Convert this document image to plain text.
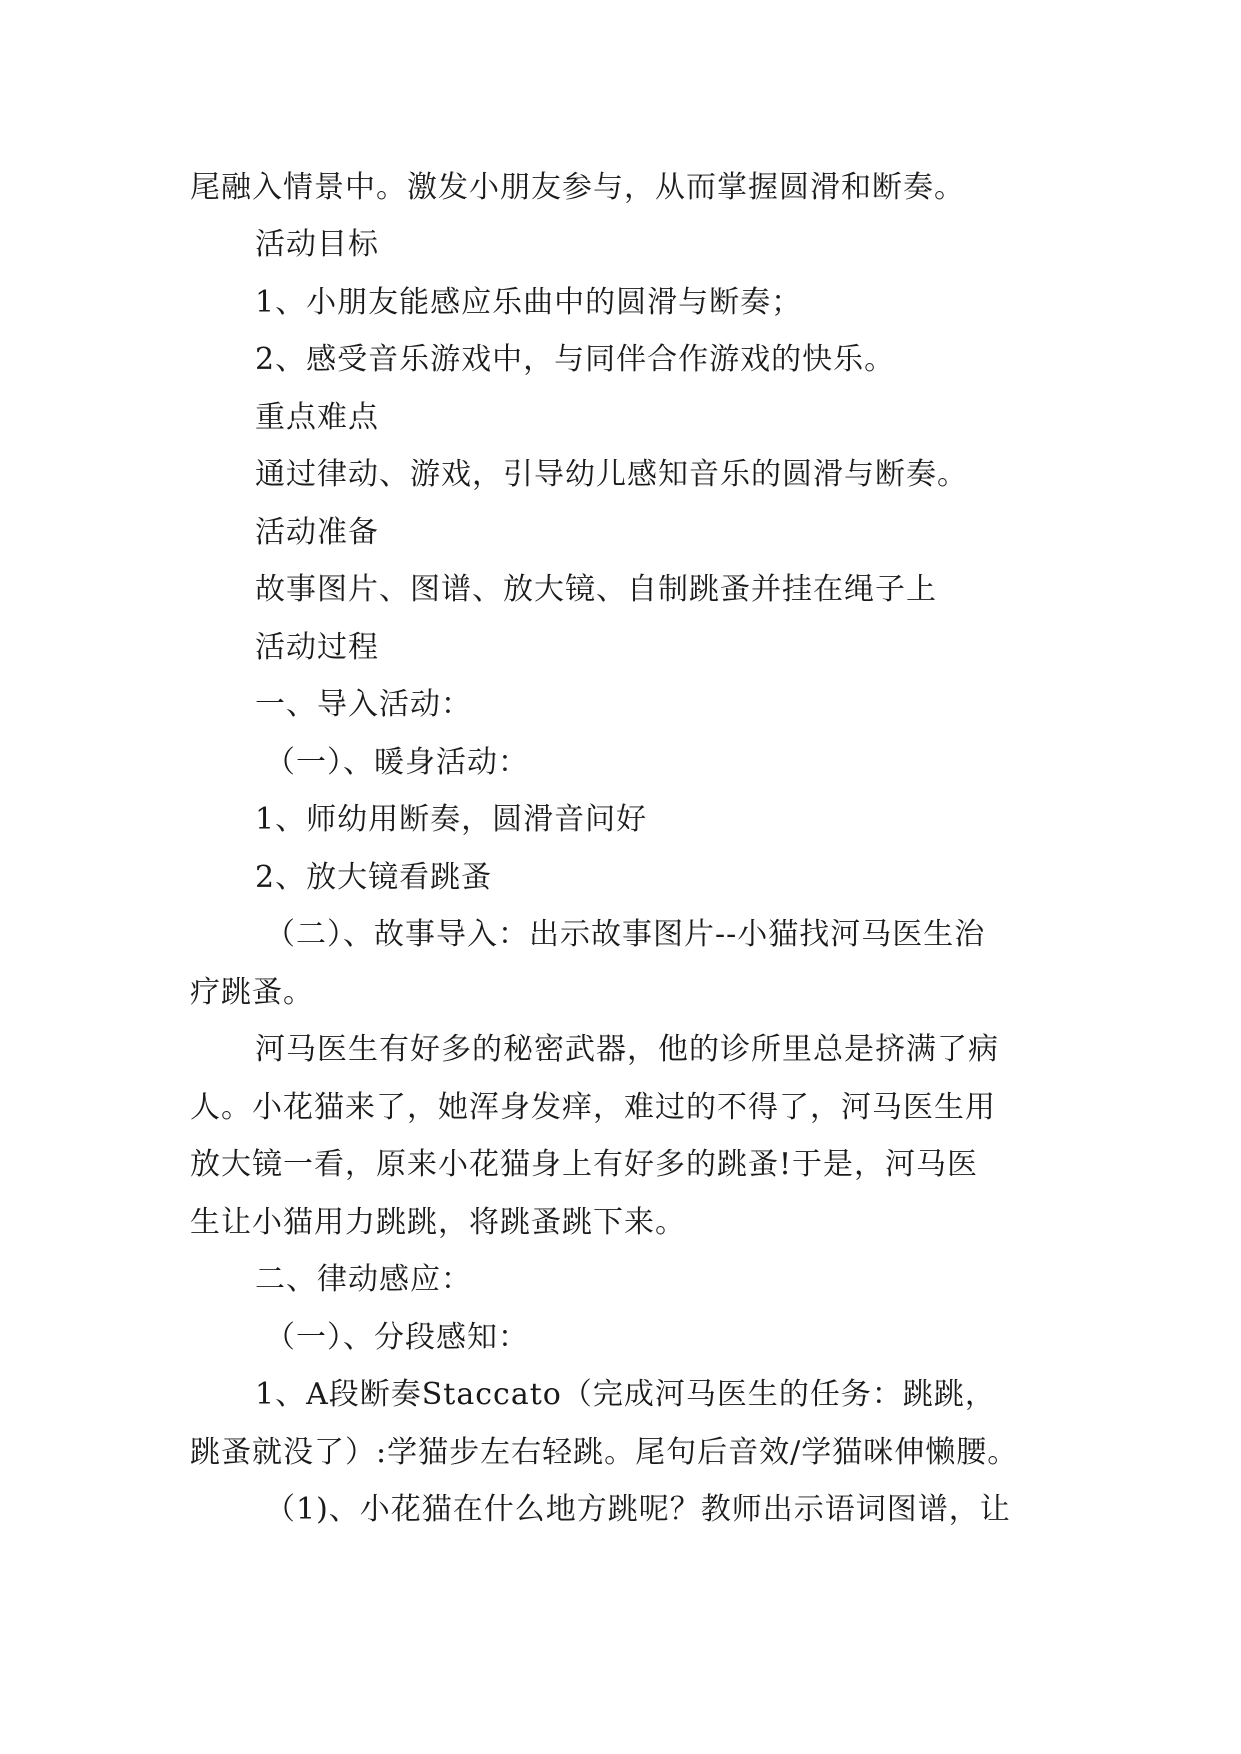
尾融入情景中。激发小朋友参与，从而掌握圆滑和断奏。
活动目标
1、小朋友能感应乐曲中的圆滑与断奏；
2、感受音乐游戏中，与同伴合作游戏的快乐。
重点难点
通过律动、游戏，引导幼儿感知音乐的圆滑与断奏。
活动准备
故事图片、图谱、放大镜、自制跳蚤并挂在绳子上
活动过程
一、导入活动：
（一）、暖身活动：
1、师幼用断奏，圆滑音问好
2、放大镜看跳蚤
（二）、故事导入：出示故事图片--小猫找河马医生治
疗跳蚤。
河马医生有好多的秘密武器，他的诊所里总是挤满了病
人。小花猫来了，她浑身发痒，难过的不得了，河马医生用
放大镜一看，原来小花猫身上有好多的跳蚤!于是，河马医
生让小猫用力跳跳，将跳蚤跳下来。
二、律动感应：
（一）、分段感知：
1、A段断奏Staccato（完成河马医生的任务：跳跳，
跳蚤就没了）:学猫步左右轻跳。尾句后音效/学猫咪伸懒腰。
（1)、小花猫在什么地方跳呢？教师出示语词图谱，让
